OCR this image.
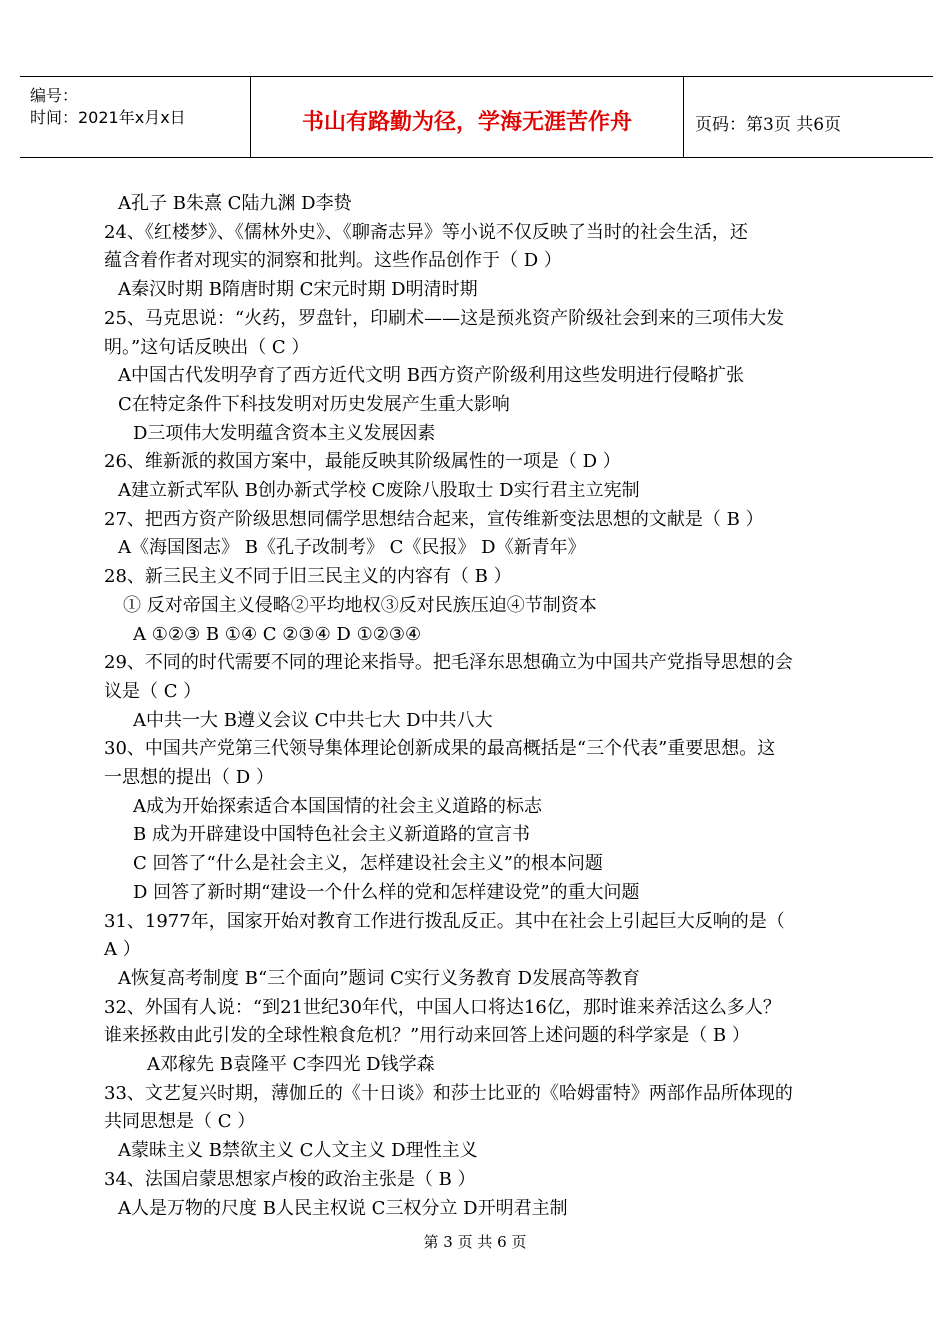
编号：
时间：2021年x月x日	书山有路勤为径，学海无涯苦作舟	页码：第3页 共6页
A孔子 B朱熹 C陆九渊 D李贽
24、《红楼梦》、《儒林外史》、《聊斋志异》等小说不仅反映了当时的社会生活，还
蕴含着作者对现实的洞察和批判。这些作品创作于（ D ）
A秦汉时期 B隋唐时期 C宋元时期 D明清时期
25、马克思说：“火药，罗盘针，印刷术——这是预兆资产阶级社会到来的三项伟大发
明。”这句话反映出（ C ）
A中国古代发明孕育了西方近代文明 B西方资产阶级利用这些发明进行侵略扩张
C在特定条件下科技发明对历史发展产生重大影响
D三项伟大发明蕴含资本主义发展因素
26、维新派的救国方案中，最能反映其阶级属性的一项是（ D ）
A建立新式军队 B创办新式学校 C废除八股取士 D实行君主立宪制
27、把西方资产阶级思想同儒学思想结合起来，宣传维新变法思想的文献是（ B ）
A《海国图志》 B《孔子改制考》 C《民报》 D《新青年》
28、新三民主义不同于旧三民主义的内容有（ B ）
① 反对帝国主义侵略②平均地权③反对民族压迫④节制资本
A ①②③ B ①④ C ②③④ D ①②③④
29、不同的时代需要不同的理论来指导。把毛泽东思想确立为中国共产党指导思想的会
议是（ C ）
A中共一大 B遵义会议 C中共七大 D中共八大
30、中国共产党第三代领导集体理论创新成果的最高概括是“三个代表”重要思想。这
一思想的提出（ D ）
A成为开始探索适合本国国情的社会主义道路的标志
B 成为开辟建设中国特色社会主义新道路的宣言书
C 回答了“什么是社会主义，怎样建设社会主义”的根本问题
D 回答了新时期“建设一个什么样的党和怎样建设党”的重大问题
31、1977年，国家开始对教育工作进行拨乱反正。其中在社会上引起巨大反响的是（
A ）
A恢复高考制度 B“三个面向”题词 C实行义务教育 D发展高等教育
32、外国有人说：“到21世纪30年代，中国人口将达16亿，那时谁来养活这么多人？
谁来拯救由此引发的全球性粮食危机？”用行动来回答上述问题的科学家是（ B ）
A邓稼先 B袁隆平 C李四光 D钱学森
33、文艺复兴时期，薄伽丘的《十日谈》和莎士比亚的《哈姆雷特》两部作品所体现的
共同思想是（ C ）
A蒙昧主义 B禁欲主义 C人文主义 D理性主义
34、法国启蒙思想家卢梭的政治主张是（ B ）
A人是万物的尺度 B人民主权说 C三权分立 D开明君主制
第 3 页 共 6 页
